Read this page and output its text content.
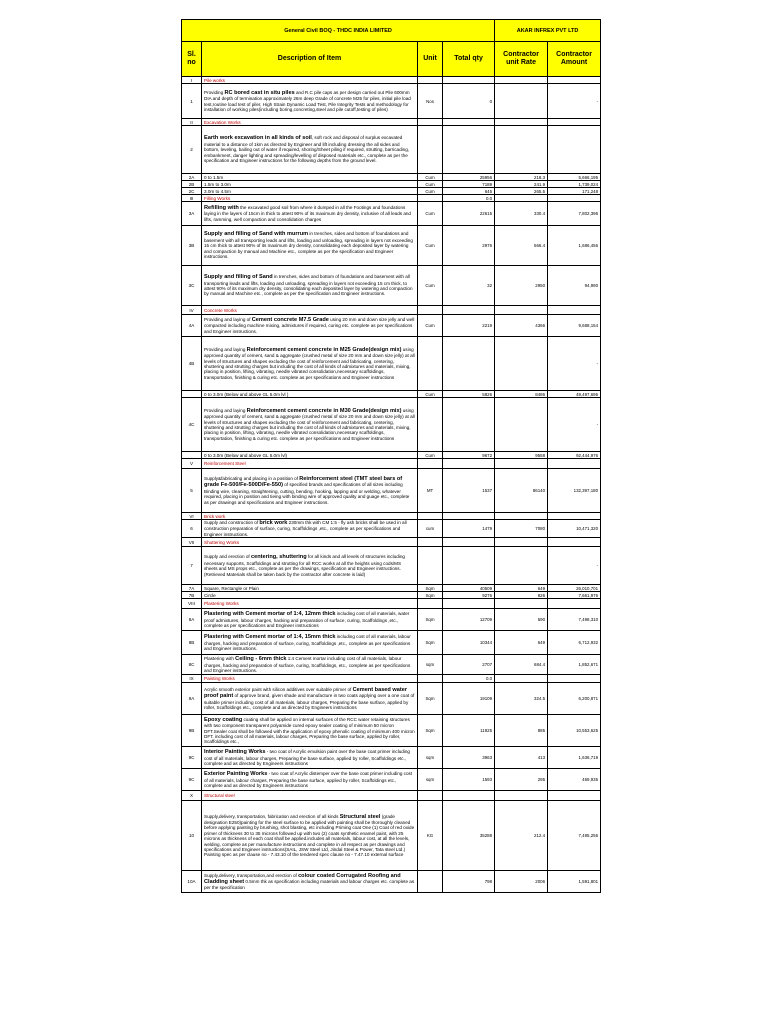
General Civil BOQ - THDC INDIA LIMITED				AKAR INFREX PVT LTD	
Sl. no	Description of Item	Unit	Total qty	Contractor unit Rate	Contractor Amount
I	Pile works				
1	Providing RC bored cast in situ piles and R.C pile caps as per design carried out Pile 600mm DIA and depth of termination approximately 26m deep Grade of concrete M25 for piles, initial pile load test,routine load test of piler, High Strain Dynamic Load Test, Pile Integrity Tests and methodology for installation of working piles(including boring,concreting,steel and pile cutoff,testing of piles)	Nos	0		-
II	Excavation Works				
2	Earth work excavation in all kinds of soil, soft rock and disposal of surplus excavated material to a distance of 1km as directed by Engineer and lift including dressing the all sides and bottom, leveling, bailing out of water if required, shoring/Sheet piling if required, strutting, barricading, embankment, danger lighting and spreading/levelling of disposed materials etc., complete as per the specification and Engineer instructions for the following depths from the ground level.				
2A	0 to 1.5m	Cum	25956	218.3	5,666,195
2B	1.5m to 3.0m	Cum	7189	241.9	1,739,024
2C	3.0m to 4.5m	Cum	645	265.5	171,248
III	Filling Works		0.0		
3A	Refilling with the excavated good soil from where it dumped in all the Footings and foundations laying in the layers of 15cm in thick to attest 90% of its maximum dry density, inclusive of all leads and lifts, ramming, well compaction and consolidation charges	Cum	22615	330.4	7,802,396
3B	Supply and filling of Sand with murrum in trenches, sides and bottom of foundations and basement with all transporting leads and lifts, loading and unloading, spreading in layers not exceeding 15 cm thick to attest 90% of its maximum dry density, consolidating each deposited layer by watering and compaction by manual and Machine etc., complete as per the specification and Engineer instructions.	Cum	2976	566.4	1,686,456
3C	Supply and filling of Sand in trenches, sides and bottom of foundations and basement with all transporting leads and lifts, loading and unloading, spreading in layers not exceeding 15 cm thick, to attest 90% of its maximum dry density, consolidating each deposited layer by watering and compaction by manual and Machine etc., complete as per the specification and Engineer instructions.	Cum	32	2950	94,990
IV	Concrete Works				
4A	Providing and laying of Cement concrete M7.5 Grade using 20 mm and down size jelly and well compacted including machine mixing, admixtures if required, curing etc. complete as per specifications and Engineer instructions.	Cum	2219	4366	9,688,154
4B	Providing and laying Reinforcement cement concrete in M25 Grade(design mix) using approved quantity of cement, sand & aggregate (crushed metal of size 20 mm and down size jelly) at all levels of structures and shapes excluding the cost of reinforcement and fabricating, centering, shuttering and strutting charges but including the cost of all kinds of admixtures and materials, mixing, placing in position, lifting, vibrating, needle vibrated consolidation,necessary scaffoldings, transportation, finishing & curing etc. complete as per specifications and Engineer instructions				-
	0 to 3.0m (Below and above GL 5.0m lvl )	Cum	5826	8486	49,497,696
4C	Providing and laying Reinforcement cement concrete in M30 Grade(design mix) using approved quantity of cement, sand & aggregate (crushed metal of size 20 mm and down size jelly) at all levels of structures and shapes excluding the cost of reinforcement and fabricating, centering, shuttering and strutting charges but including the cost of all kinds of admixtures and materials, mixing, placing in position, lifting, vibrating, needle vibrated consolidation,necessary scaffoldings, transportation, finishing & curing etc. complete as per specifications and Engineer instructions				-
	0 to 3.0m (Below and above GL 5.0m lvl)	Cum	9672	9558	92,444,976
V	Reinforcement Steel				
5	Supply&fabricating and placing in a position of Reinforcement steel (TMT steel bars of grade Fe-500/Fe-500D/Fe-550) of specified brands and specifications of all sizes including Binding wire, cleaning, straightening, cutting, bending, hooking, lapping and or welding, whatever required, placing in position and tieing with binding wire of approved quality and guage etc., complete as per drawings and specifications and Engineer instructions.	MT	1537	86140	132,397,180
VI	Brick work				
6	Supply and construction of brick work 230mm thk with CM 1:5 - fly ash bricks shall be used in all construction preparation of surface, curing, Scaffoldings ,etc., complete as per specifications and Engineer instructions.	cum	1479	7080	10,471,320
VII	Shuttering Works				
7	Supply and erection of centering, shuttering for all kinds and all levels of structures including necessary supports, Scaffoldings and strutting for all RCC works at all the heights using cods/MS sheets and MS props etc., complete as per the drawings, specification and Engineer instructions. (Retrieved Materials shall be taken back by the contractor after concrete is laid)				-
7A	Square, Rectangle or Plain	Sqm	40509	649	26,010,701
7B	Circle	Sqm	9276	826	7,661,976
VIII	Plastering Works				
8A	Plastering with Cement mortar of 1:4, 12mm thick including cost of all materials, water proof admixtures, labour charges, hacking and preparation of surface, curing, Scaffoldings ,etc., complete as per specifications and Engineer instructions	Sqm	12709	590	7,498,310
8B	Plastering with Cement mortar of 1:4, 15mm thick including cost of all materials, labour charges, hacking and preparation of surface, curing, Scaffoldings ,etc., complete as per specifications and Engineer instructions.	Sqm	10344	649	6,712,932
8C	Plastering with Ceiling - 6mm thick 1:4 Cement mortar including cost of all materials, labour charges, hacking and preparation of surface, curing, Scaffoldings, etc., complete as per specifications and Engineer instructions.	sqm	2707	684.4	1,852,671
IX	Painting Works		0.0		
9A	Acrylic smooth exterior paint with silicon additives over suitable primer of Cement based water proof paint of approve brand, given shade and manufacture in two coats applying over a one coat of suitable primer including cost of all materials, labour charges, Preparing the base surface, applied by roller, Scaffoldings etc., complete and as directed by Engineers instructions	Sqm	19109	324.5	6,200,871
9B	Epoxy coating coating shall be applied on internal surfaces of the RCC water retaining structures with two component transparent polyamide cured epoxy sealer coating of minimum 50 micron DFT.Sealer coat shall be followed with the application of epoxy phenolic coating of minimum 400 micron DFT. including cost of all materials, labour charges, Preparing the base surface, applied by roller, Scaffoldings etc.,	Sqm	11925	885	10,553,625
9C	Interior Painting Works - two coat of Acrylic emulsion paint over the base coat primer including cost of all materials, labour charges, Preparing the base surface, applied by roller, Scaffoldings etc., complete and as directed by Engineers instructions	sqm	3963	413	1,636,719
9C	Exterior Painting Works - two coat of Acrylic distemper over the base coat primer including cost of all materials, labour charges, Preparing the base surface, applied by roller, Scaffoldings etc., complete and as directed by Engineers instructions	sqm	1593	295	469,935
X	Structural steel				
10	Supply,delivery, transportation, fabrication and erection of all kinds Structural steel (grade designation E250)painting for the steel surface to be applied with painting shall be thoroughly cleaned before applying painting by brushing, shot blasting, etc including Priming coat One (1) Coat of red oxide primer of thickness 30 to 35 microns followed up with two (2) coats synthetic enamel paint, with 25 microns as thickness of each coat shall be applied.includes all materials, labour cost, at all the levels, welding, complete as per manufacture instructions and complete in all respect as per drawings and specifications and Engineer instructions(SAIL, JSW Steel Ltd, Jindal Steel & Power, Tata steel Ltd.) Painting spec as per clause no - 7.43.10 of the tendered spec clause no - 7.47.10 external surface	KG	35288	212.4	7,495,256
10A	Supply,delivery, transportation,and erection of colour coated Corrugated Roofing and Cladding sheet 0.5mm thk as specification including materials and labour charges etc. complete as per the specification		798	2006	1,591,801
